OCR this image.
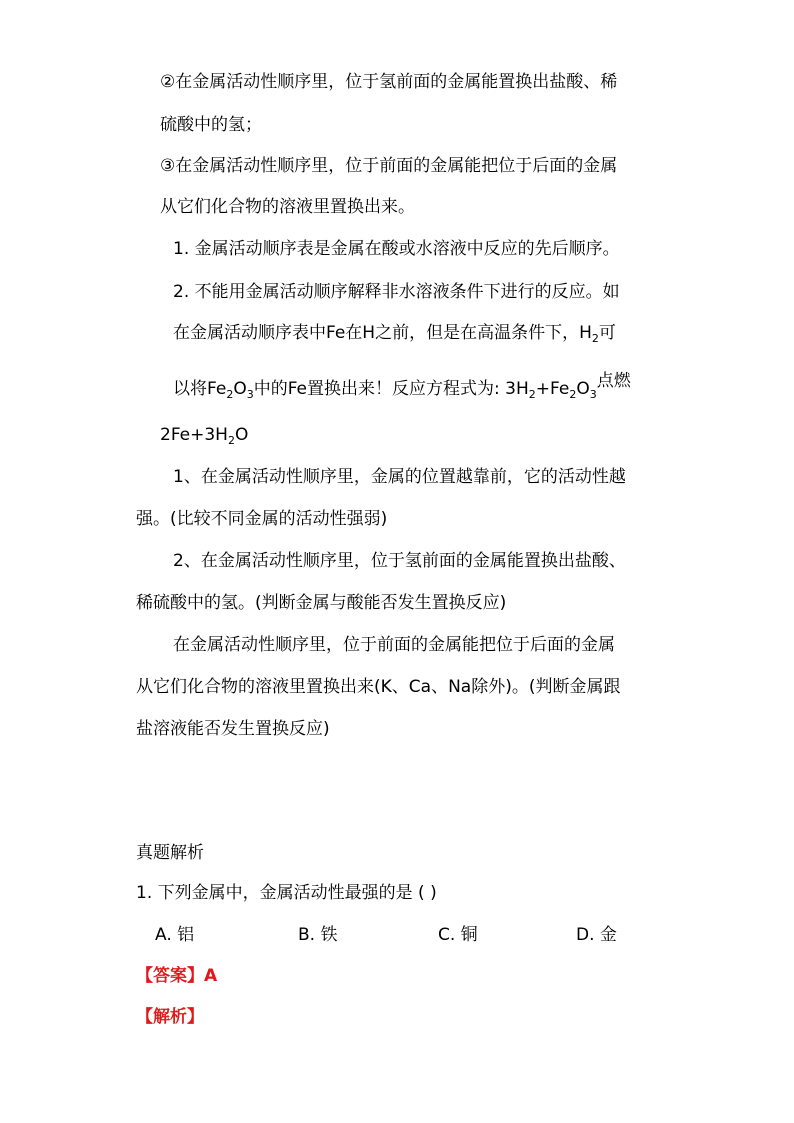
②在金属活动性顺序里，位于氢前面的金属能置换出盐酸、稀
硫酸中的氢；
③在金属活动性顺序里，位于前面的金属能把位于后面的金属
从它们化合物的溶液里置换出来。
1. 金属活动顺序表是金属在酸或水溶液中反应的先后顺序。
2. 不能用金属活动顺序解释非水溶液条件下进行的反应。如
在金属活动顺序表中Fe在H之前，但是在高温条件下，$H_2$可
以将$Fe_2O_3$中的Fe置换出来！反应方程式为: $3H_2+Fe_2O_3$点燃
$2Fe+3H_2O$
1、在金属活动性顺序里，金属的位置越靠前，它的活动性越
强。(比较不同金属的活动性强弱)
2、在金属活动性顺序里，位于氢前面的金属能置换出盐酸、
稀硫酸中的氢。(判断金属与酸能否发生置换反应)
在金属活动性顺序里，位于前面的金属能把位于后面的金属
从它们化合物的溶液里置换出来(K、Ca、Na除外)。(判断金属跟
盐溶液能否发生置换反应)
真题解析
1. 下列金属中，金属活动性最强的是 ( )
A. 铝	B. 铁	C. 铜	D. 金
【答案】A
【解析】
